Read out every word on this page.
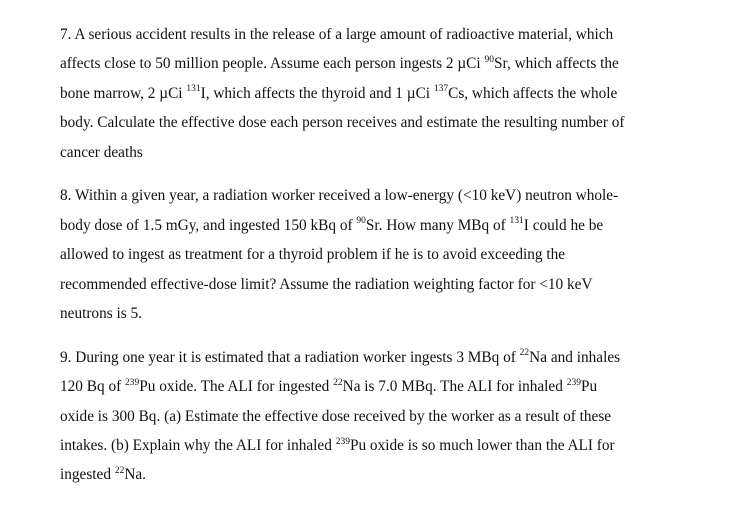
7. A serious accident results in the release of a large amount of radioactive material, which
affects close to 50 million people. Assume each person ingests 2 µCi $^{90}$Sr, which affects the
bone marrow, 2 µCi $^{131}$I, which affects the thyroid and 1 µCi $^{137}$Cs, which affects the whole
body. Calculate the effective dose each person receives and estimate the resulting number of
cancer deaths

8. Within a given year, a radiation worker received a low-energy (<10 keV) neutron whole-
body dose of 1.5 mGy, and ingested 150 kBq of $^{90}$Sr. How many MBq of $^{131}$I could he be
allowed to ingest as treatment for a thyroid problem if he is to avoid exceeding the
recommended effective-dose limit? Assume the radiation weighting factor for <10 keV
neutrons is 5.

9. During one year it is estimated that a radiation worker ingests 3 MBq of $^{22}$Na and inhales
120 Bq of $^{239}$Pu oxide. The ALI for ingested $^{22}$Na is 7.0 MBq. The ALI for inhaled $^{239}$Pu
oxide is 300 Bq. (a) Estimate the effective dose received by the worker as a result of these
intakes. (b) Explain why the ALI for inhaled $^{239}$Pu oxide is so much lower than the ALI for
ingested $^{22}$Na.
